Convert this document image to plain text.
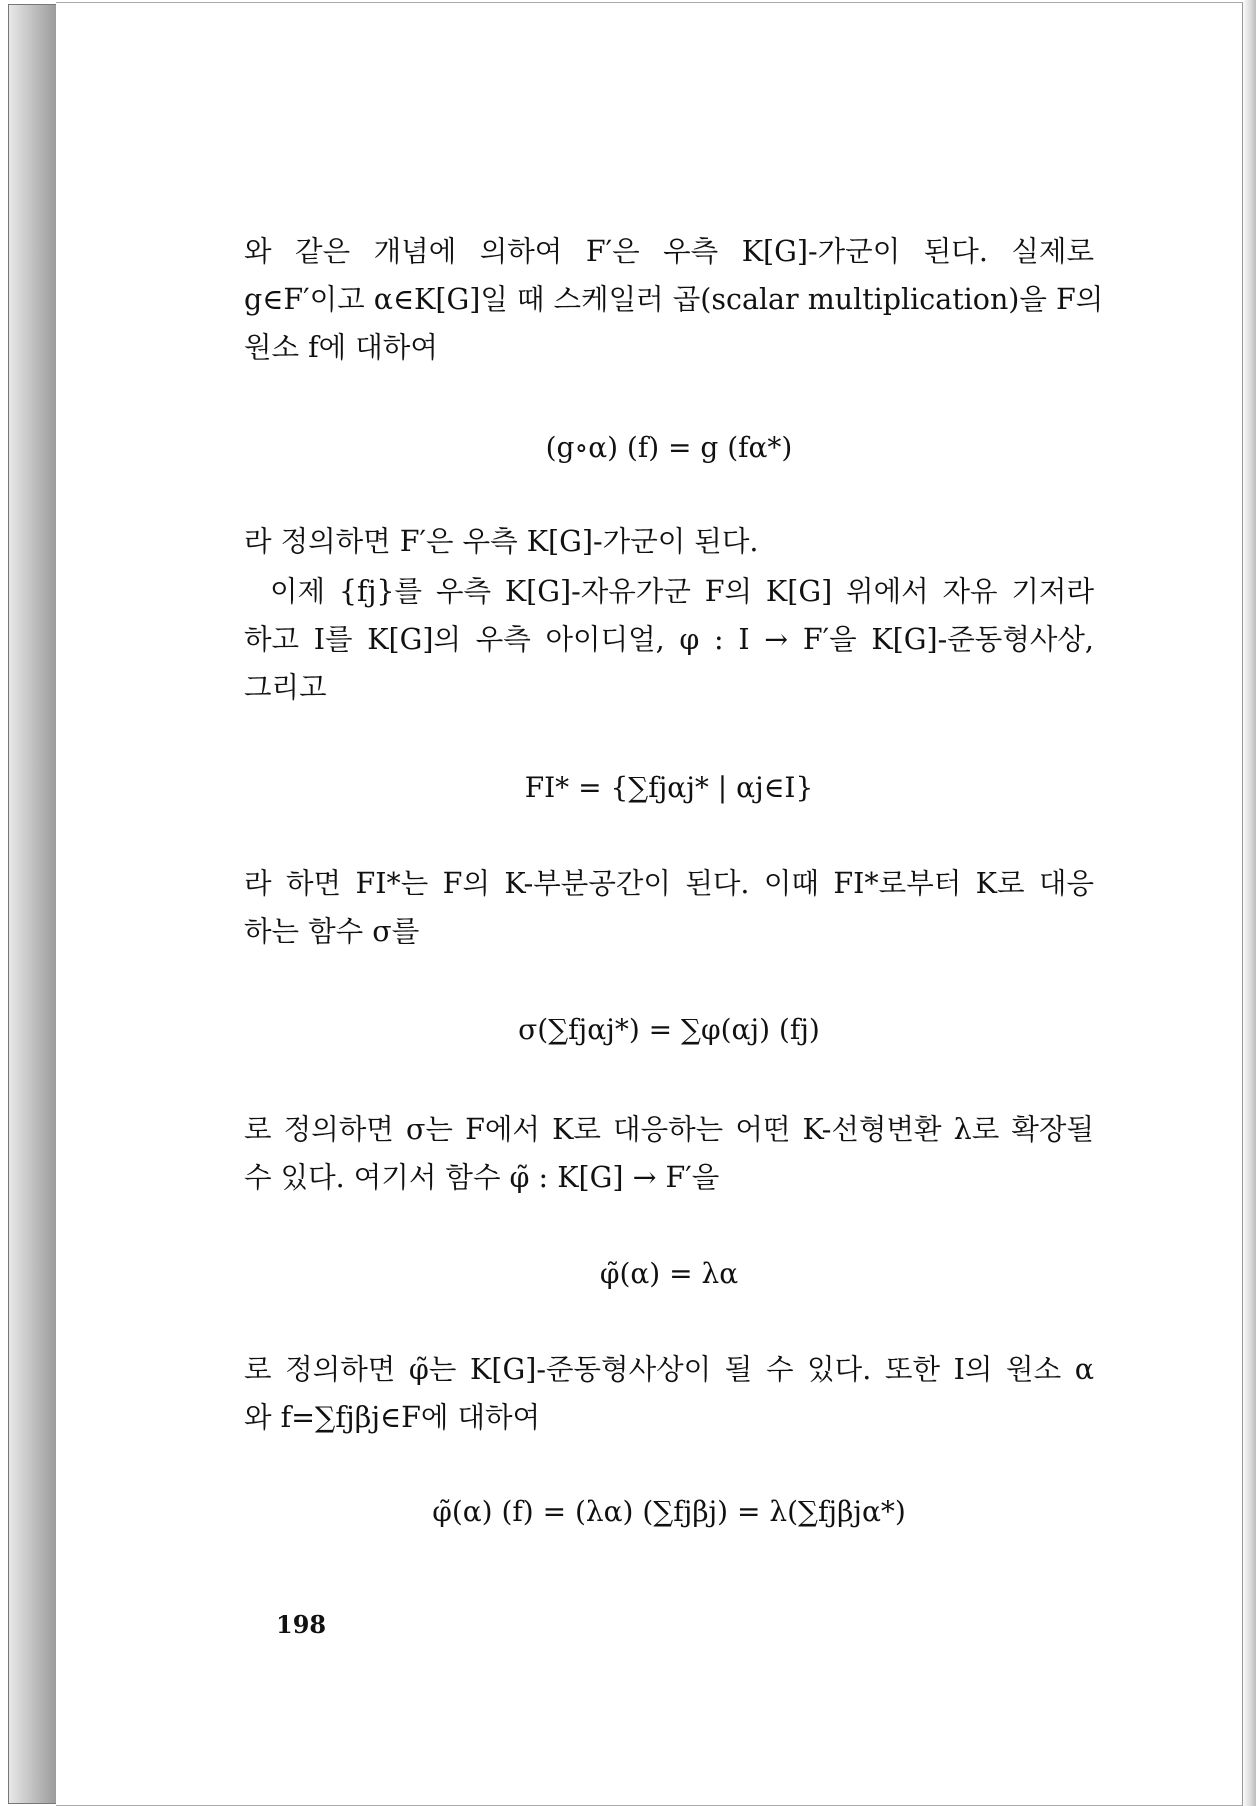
와 같은 개념에 의하여 F′은 우측 K[G]-가군이 된다. 실제로
g∈F′이고 α∈K[G]일 때 스케일러 곱(scalar multiplication)을 F의
원소 f에 대하여
(g∘α) (f) = g (fα*)
라 정의하면 F′은 우측 K[G]-가군이 된다.
이제 {fj}를 우측 K[G]-자유가군 F의 K[G] 위에서 자유 기저라
하고 I를 K[G]의 우측 아이디얼, φ : I → F′을 K[G]-준동형사상,
그리고
FI* = {∑fjαj* | αj∈I}
라 하면 FI*는 F의 K-부분공간이 된다. 이때 FI*로부터 K로 대응
하는 함수 σ를
σ(∑fjαj*) = ∑φ(αj) (fj)
로 정의하면 σ는 F에서 K로 대응하는 어떤 K-선형변환 λ로 확장될
수 있다. 여기서 함수 φ̃ : K[G] → F′을
φ̃(α) = λα
로 정의하면 φ̃는 K[G]-준동형사상이 될 수 있다. 또한 I의 원소 α
와 f=∑fjβj∈F에 대하여
φ̃(α) (f) = (λα) (∑fjβj) = λ(∑fjβjα*)
198
